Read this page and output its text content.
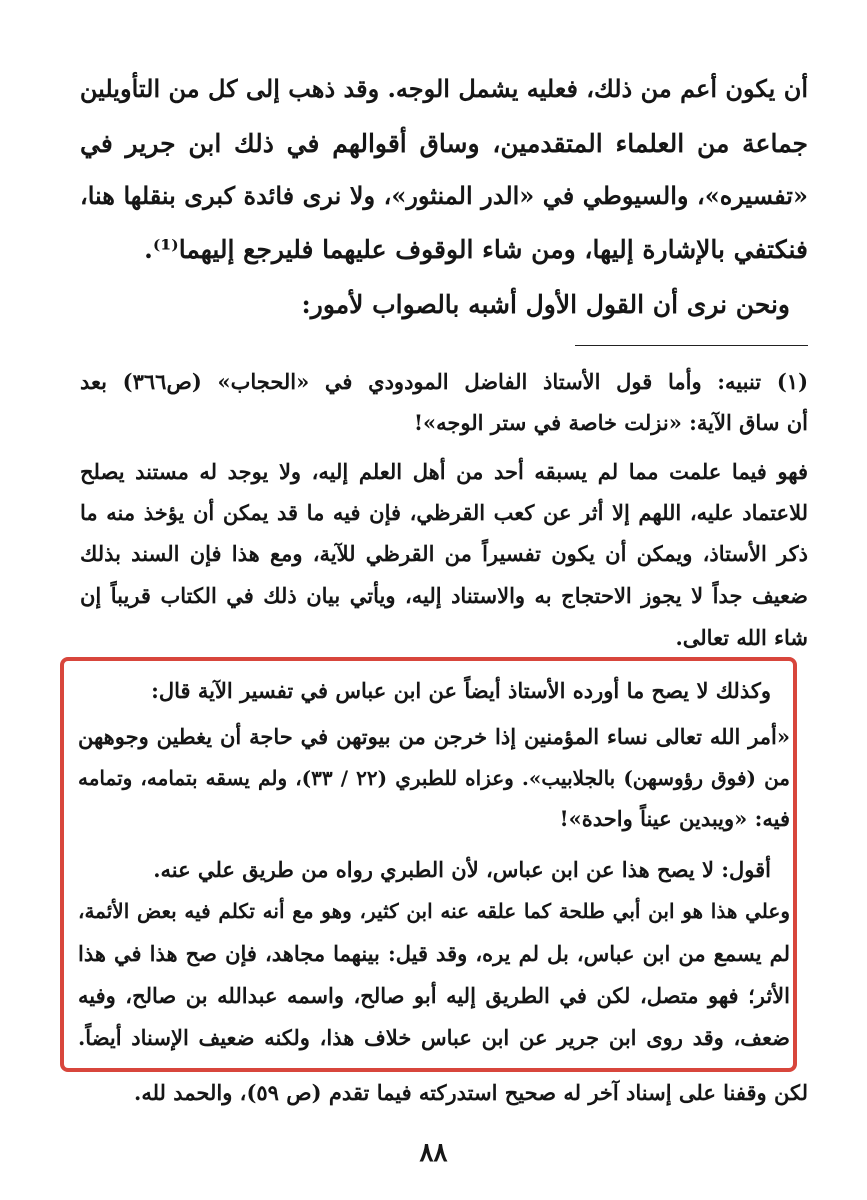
أن يكون أعم من ذلك، فعليه يشمل الوجه. وقد ذهب إلى كل من التأويلين
جماعة من العلماء المتقدمين، وساق أقوالهم في ذلك ابن جرير في
«تفسيره»، والسيوطي في «الدر المنثور»، ولا نرى فائدة كبرى بنقلها هنا،
فنكتفي بالإشارة إليها، ومن شاء الوقوف عليهما فليرجع إليهما⁽¹⁾.
ونحن نرى أن القول الأول أشبه بالصواب لأمور:
(١) تنبيه: وأما قول الأستاذ الفاضل المودودي في «الحجاب» (ص٣٦٦) بعد
أن ساق الآية: «نزلت خاصة في ستر الوجه»!
فهو فيما علمت مما لم يسبقه أحد من أهل العلم إليه، ولا يوجد له مستند يصلح
للاعتماد عليه، اللهم إلا أثر عن كعب القرظي، فإن فيه ما قد يمكن أن يؤخذ منه ما
ذكر الأستاذ، ويمكن أن يكون تفسيراً من القرظي للآية، ومع هذا فإن السند بذلك
ضعيف جداً لا يجوز الاحتجاج به والاستناد إليه، ويأتي بيان ذلك في الكتاب قريباً إن
شاء الله تعالى.
وكذلك لا يصح ما أورده الأستاذ أيضاً عن ابن عباس في تفسير الآية قال:
«أمر الله تعالى نساء المؤمنين إذا خرجن من بيوتهن في حاجة أن يغطين وجوههن
من (فوق رؤوسهن) بالجلابيب». وعزاه للطبري (٢٢ / ٣٣)، ولم يسقه بتمامه، وتمامه
فيه: «ويبدين عيناً واحدة»!
أقول: لا يصح هذا عن ابن عباس، لأن الطبري رواه من طريق علي عنه.
وعلي هذا هو ابن أبي طلحة كما علقه عنه ابن كثير، وهو مع أنه تكلم فيه بعض الأئمة،
لم يسمع من ابن عباس، بل لم يره، وقد قيل: بينهما مجاهد، فإن صح هذا في هذا
الأثر؛ فهو متصل، لكن في الطريق إليه أبو صالح، واسمه عبدالله بن صالح، وفيه
ضعف، وقد روى ابن جرير عن ابن عباس خلاف هذا، ولكنه ضعيف الإسناد أيضاً.
لكن وقفنا على إسناد آخر له صحيح استدركته فيما تقدم (ص ٥٩)، والحمد لله.
٨٨
